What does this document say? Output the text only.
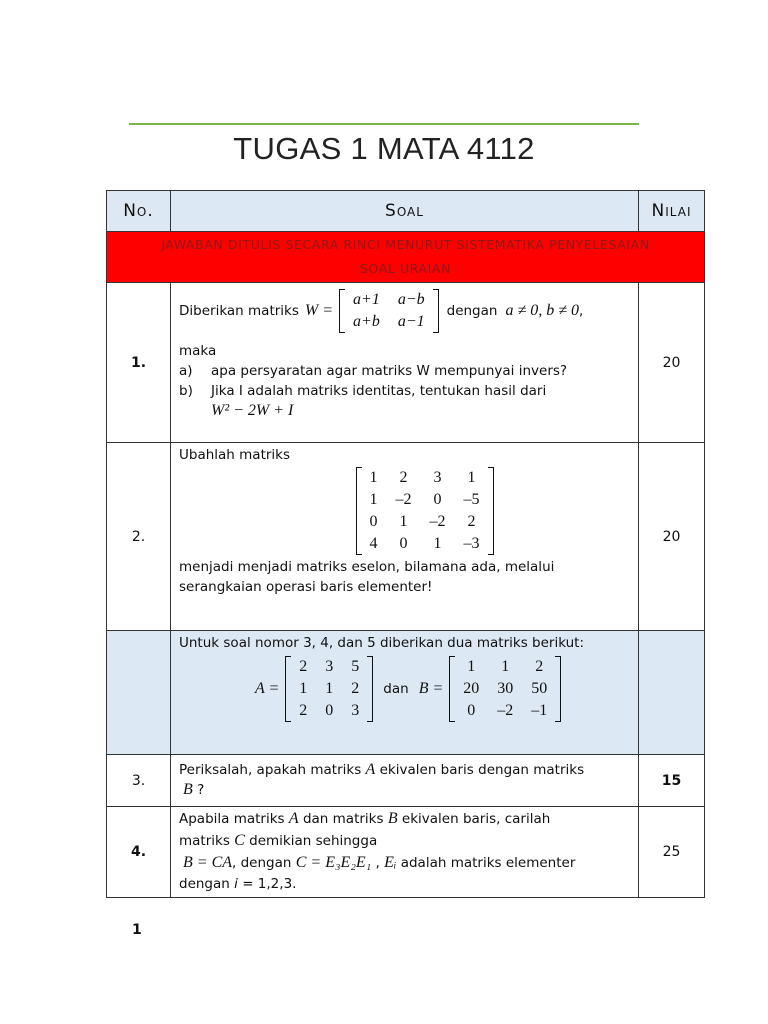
TUGAS 1 MATA 4112
No.	Soal	Nilai
JAWABAN DITULIS SECARA RINCI MENURUT SISTEMATIKA PENYELESAIAN
SOAL URAIAN
1.	
Diberikan matriks W =
a+1	a−b
a+b	a−1
dengan a ≠ 0, b ≠ 0 ,
maka
a) apa persyaratan agar matriks W mempunyai invers?
b) Jika I adalah matriks identitas, tentukan hasil dari
W² − 2W + I
	20
2.	
Ubahlah matriks
1	2	3	1
1	–2	0	–5
0	1	–2	2
4	0	1	–3
menjadi menjadi matriks eselon, bilamana ada, melalui
serangkaian operasi baris elementer!
	20

Untuk soal nomor 3, 4, dan 5 diberikan dua matriks berikut:
A =
2	3	5
1	1	2
2	0	3
dan B =
1	1	2
20	30	50
0	–2	–1

3.	
Periksalah, apakah matriks A ekivalen baris dengan matriks
B ?
	15
4.	
Apabila matriks A dan matriks B ekivalen baris, carilah
matriks C demikian sehingga
B = CA, dengan C = E₃E₂E₁ , Eᵢ adalah matriks elementer
dengan i = 1,2,3.
	25
1
